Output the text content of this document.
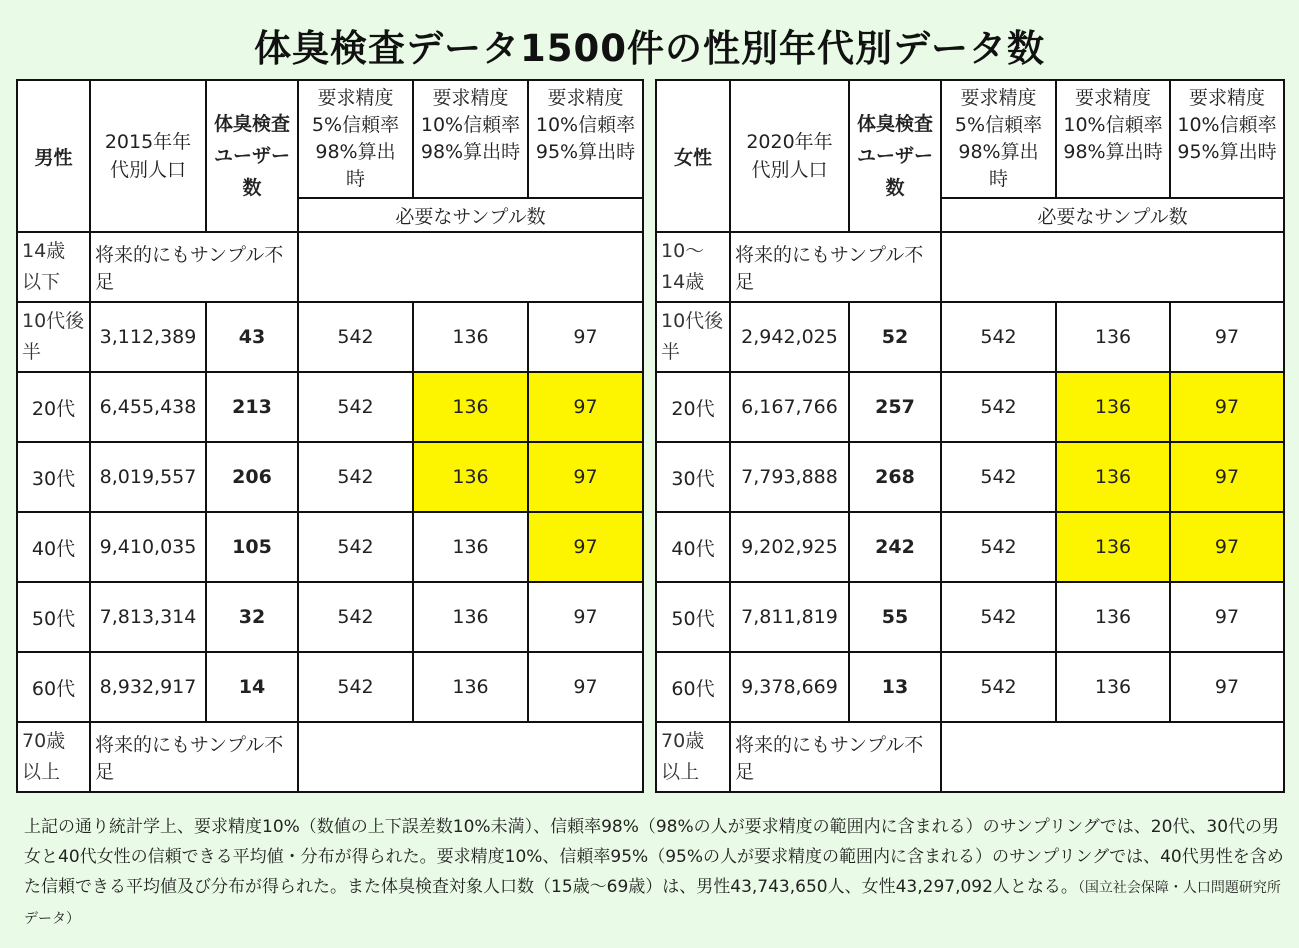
体臭検査データ1500件の性別年代別データ数
男性	2015年年代別人口	体臭検査ユーザー数	要求精度5%信頼率98%算出時	要求精度10%信頼率98%算出時	要求精度10%信頼率95%算出時

			必要なサンプル数		

14歳以下	将来的にもサンプル不足				

10代後半	3,112,389	43	542	136	97
20代	6,455,438	213	542	136	97
30代	8,019,557	206	542	136	97
40代	9,410,035	105	542	136	97
50代	7,813,314	32	542	136	97
60代	8,932,917	14	542	136	97

70歳以上	将来的にもサンプル不足				
女性	2020年年代別人口	体臭検査ユーザー数	要求精度5%信頼率98%算出時	要求精度10%信頼率98%算出時	要求精度10%信頼率95%算出時

			必要なサンプル数		

10～14歳	将来的にもサンプル不足				

10代後半	2,942,025	52	542	136	97
20代	6,167,766	257	542	136	97
30代	7,793,888	268	542	136	97
40代	9,202,925	242	542	136	97
50代	7,811,819	55	542	136	97
60代	9,378,669	13	542	136	97

70歳以上	将来的にもサンプル不足				
上記の通り統計学上、要求精度10%（数値の上下誤差数10%未満）、信頼率98%（98%の人が要求精度の範囲内に含まれる）のサンプリングでは、20代、30代の男女と40代女性の信頼できる平均値・分布が得られた。要求精度10%、信頼率95%（95%の人が要求精度の範囲内に含まれる）のサンプリングでは、40代男性を含めた信頼できる平均値及び分布が得られた。また体臭検査対象人口数（15歳～69歳）は、男性43,743,650人、女性43,297,092人となる。（国立社会保障・人口問題研究所データ）
